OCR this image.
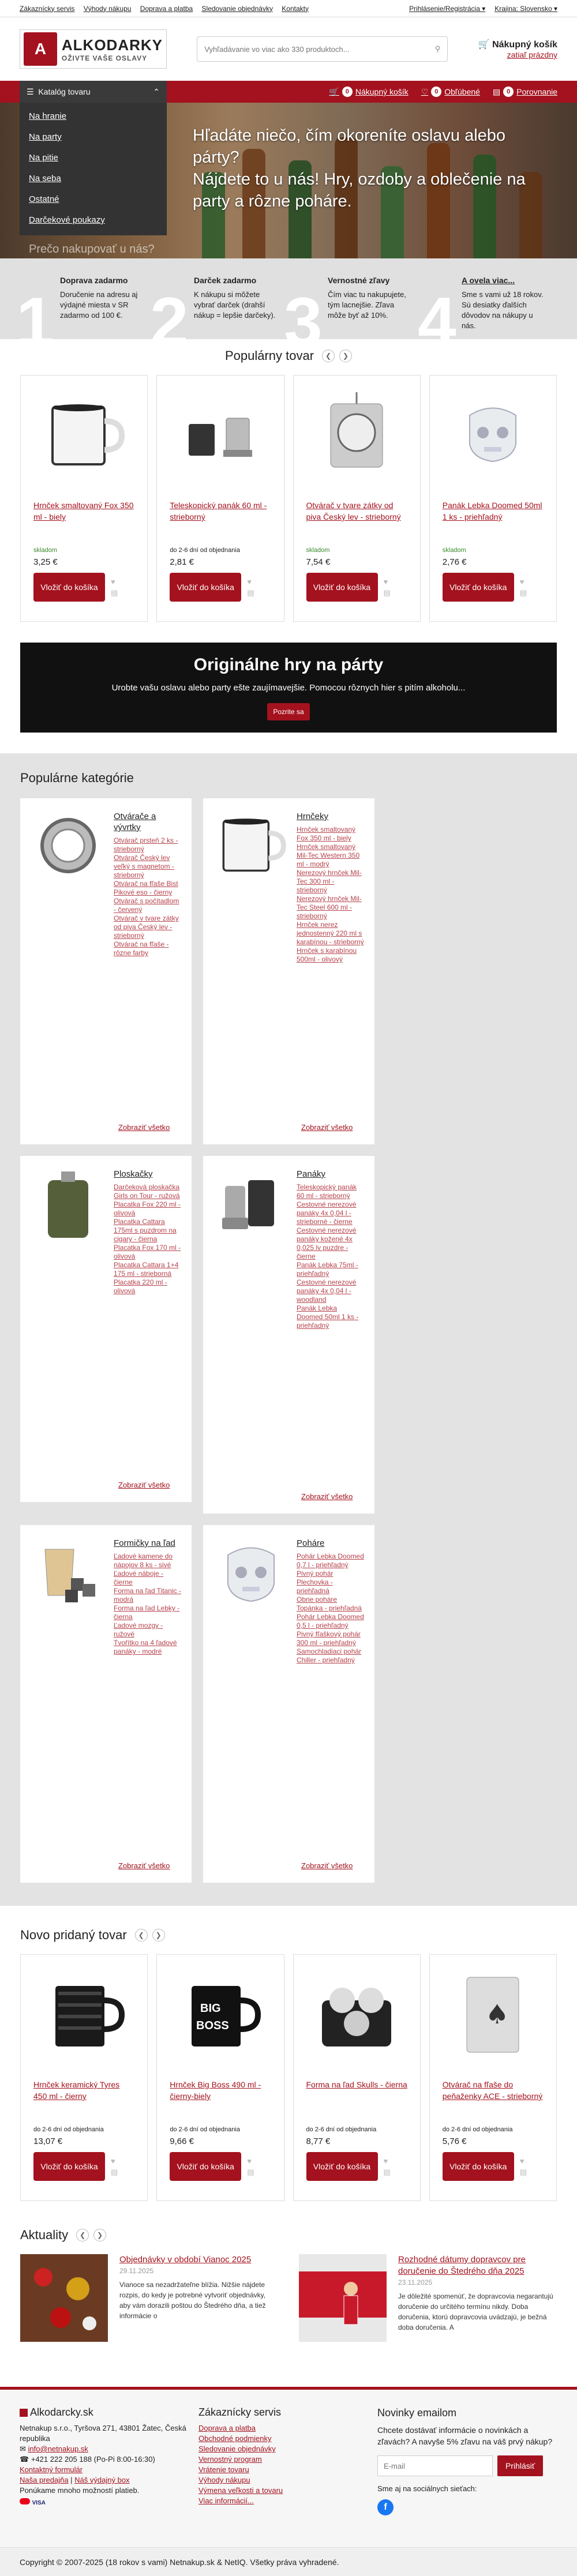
Zákaznícky servis Výhody nákupu Doprava a platba Sledovanie objednávky Kontakty	Prihlásenie/Registrácia ▾ Krajina: Slovensko ▾
A	ALKODARKY
OŽIVTE VAŠE OSLAVY
Vyhľadávanie vo viac ako 330 produktoch...
⚲	🛒 Nákupný košík
zatiaľ prázdny
☰ Katalóg tovaru	⌃
Na hranie
Na party
Na pitie
Na seba
Ostatné
Darčekové poukazy
🛒 0 Nákupný košík ♡ 0 Obľúbené ▤ 0 Porovnanie
Hľadáte niečo, čím okoreníte oslavu alebo párty?
Nájdete to u nás! Hry, ozdoby a oblečenie na party a rôzne poháre.
Prečo nakupovať u nás?
1
Doprava zadarmo
Doručenie na adresu aj výdajné miesta v SR zadarmo od 100 €. 2
Darček zadarmo
K nákupu si môžete vybrať darček (drahší nákup = lepšie darčeky). 3
Vernostné zľavy
Čím viac tu nakupujete, tým lacnejšie. Zľava môže byť až 10%. 4
A ovela viac...
Sme s vami už 18 rokov. Sú desiatky ďalších dôvodov na nákupy u nás.
Populárny tovar	❮	❯
Hrnček smaltovaný Fox 350 ml - biely
skladom
3,25 €
Vložiť do košíka
♥
▤
Teleskopický panák 60 ml - strieborný
do 2-6 dní od objednania
2,81 €
Vložiť do košíka
♥
▤
Otvárač v tvare zátky od piva Český lev - strieborný
skladom
7,54 €
Vložiť do košíka
♥
▤
Panák Lebka Doomed 50ml 1 ks - priehľadný
skladom
2,76 €
Vložiť do košíka
♥
▤
Originálne hry na párty

Urobte vašu oslavu alebo party ešte zaujímavejšie. Pomocou rôznych hier s pitím alkoholu...

Pozrite sa
Populárne kategórie
Otvárače a vývrtky
Otvárač prsteň 2 ks - strieborný
Otvárač Český lev veľký s magnetom - strieborný
Otvárač na fľaše Bist Pikové eso - čierny
Otvárač s počítadlom - červený
Otvárač v tvare zátky od piva Český lev - strieborný
Otvárač na fľaše - rôzne farby
Zobraziť všetko
Hrnčeky
Hrnček smaltovaný Fox 350 ml - biely
Hrnček smaltovaný Mil-Tec Western 350 ml - modrý
Nerezový hrnček Mil-Tec 300 ml - strieborný
Nerezový hrnček Mil-Tec Steel 600 ml - strieborný
Hrnček nerez jednostenný 220 ml s karabínou - strieborný
Hrnček s karabínou 500ml - olivový
Zobraziť všetko
Ploskačky
Darčeková ploskačka Girls on Tour - ružová
Placatka Fox 220 ml - olivová
Placatka Cattara 175ml s puzdrom na cigary - čierna
Placatka Fox 170 ml - olivová
Placatka Cattara 1+4 175 ml - strieborná
Placatka 220 ml - olivová
Zobraziť všetko
Panáky
Teleskopický panák 60 ml - strieborný
Cestovné nerezové panáky 4x 0,04 l - strieborné - čierne
Cestovné nerezové panáky kožené 4x 0,025 lv puzdre - čierne
Panák Lebka 75ml - priehľadný
Cestovné nerezové panáky 4x 0,04 l - woodland
Panák Lebka Doomed 50ml 1 ks - priehľadný
Zobraziť všetko
Formičky na ľad
Ľadové kamene do nápojov 8 ks - sivé
Ľadové náboje - čierne
Forma na ľad Titanic - modrá
Forma na ľad Lebky - čierna
Ľadové mozgy - ružové
Tvořítko na 4 ľadové panáky - modré
Zobraziť všetko
Poháre
Pohár Lebka Doomed 0,7 l - priehľadný
Pivný pohár Plechovka - priehľadná
Obrie poháre Topánka - priehľadná
Pohár Lebka Doomed 0,5 l - priehľadný
Pivný fľaškový pohár 300 ml - priehľadný
Samochladiaci pohár Chiller - priehľadný
Zobraziť všetko
Novo pridaný tovar	❮	❯
Hrnček keramický Tyres 450 ml - čierny
do 2-6 dní od objednania
13,07 €
Vložiť do košíka
♥
▤
BIG
BOSS
Hrnček Big Boss 490 ml - čierny-biely
do 2-6 dní od objednania
9,66 €
Vložiť do košíka
♥
▤
Forma na ľad Skulls - čierna
do 2-6 dní od objednania
8,77 €
Vložiť do košíka
♥
▤
♠
Otvárač na fľaše do peňaženky ACE - strieborný
do 2-6 dní od objednania
5,76 €
Vložiť do košíka
♥
▤
Aktuality	❮	❯
Objednávky v období Vianoc 2025
29.11.2025
Vianoce sa nezadržateľne blížia. Nižšie nájdete rozpis, do kedy je potrebné vytvoriť objednávky, aby vám dorazili poštou do Štedrého dňa, a tiež informácie o
Rozhodné dátumy dopravcov pre doručenie do Štedrého dňa 2025
23.11.2025
Je dôležité spomenúť, že dopravcovia negarantujú doručenie do určitého termínu nikdy. Doba doručenia, ktorú dopravcovia uvádzajú, je bežná doba doručenia. A
Alkodarcky.sk
Netnakup s.r.o., Tyršova 271, 43801 Žatec, Česká republika
✉ info@netnakup.sk
☎ +421 222 205 188 (Po-Pi 8:00-16:30)
Kontaktný formulár
Naša predajňa | Náš výdajný box
Ponúkame mnoho možností platieb.
VISA
Zákaznícky servis
Doprava a platba
Obchodné podmienky
Sledovanie objednávky
Vernostný program
Vrátenie tovaru
Výhody nákupu
Výmena veľkosti a tovaru
Viac informácií...
Novinky emailom
Chcete dostávať informácie o novinkách a zľavách? A navyše 5% zľavu na váš prvý nákup?
E-mail
Prihlásiť
Sme aj na sociálnych sieťach:
f
Copyright © 2007-2025 (18 rokov s vami) Netnakup.sk & NetIQ. Všetky práva vyhradené.
